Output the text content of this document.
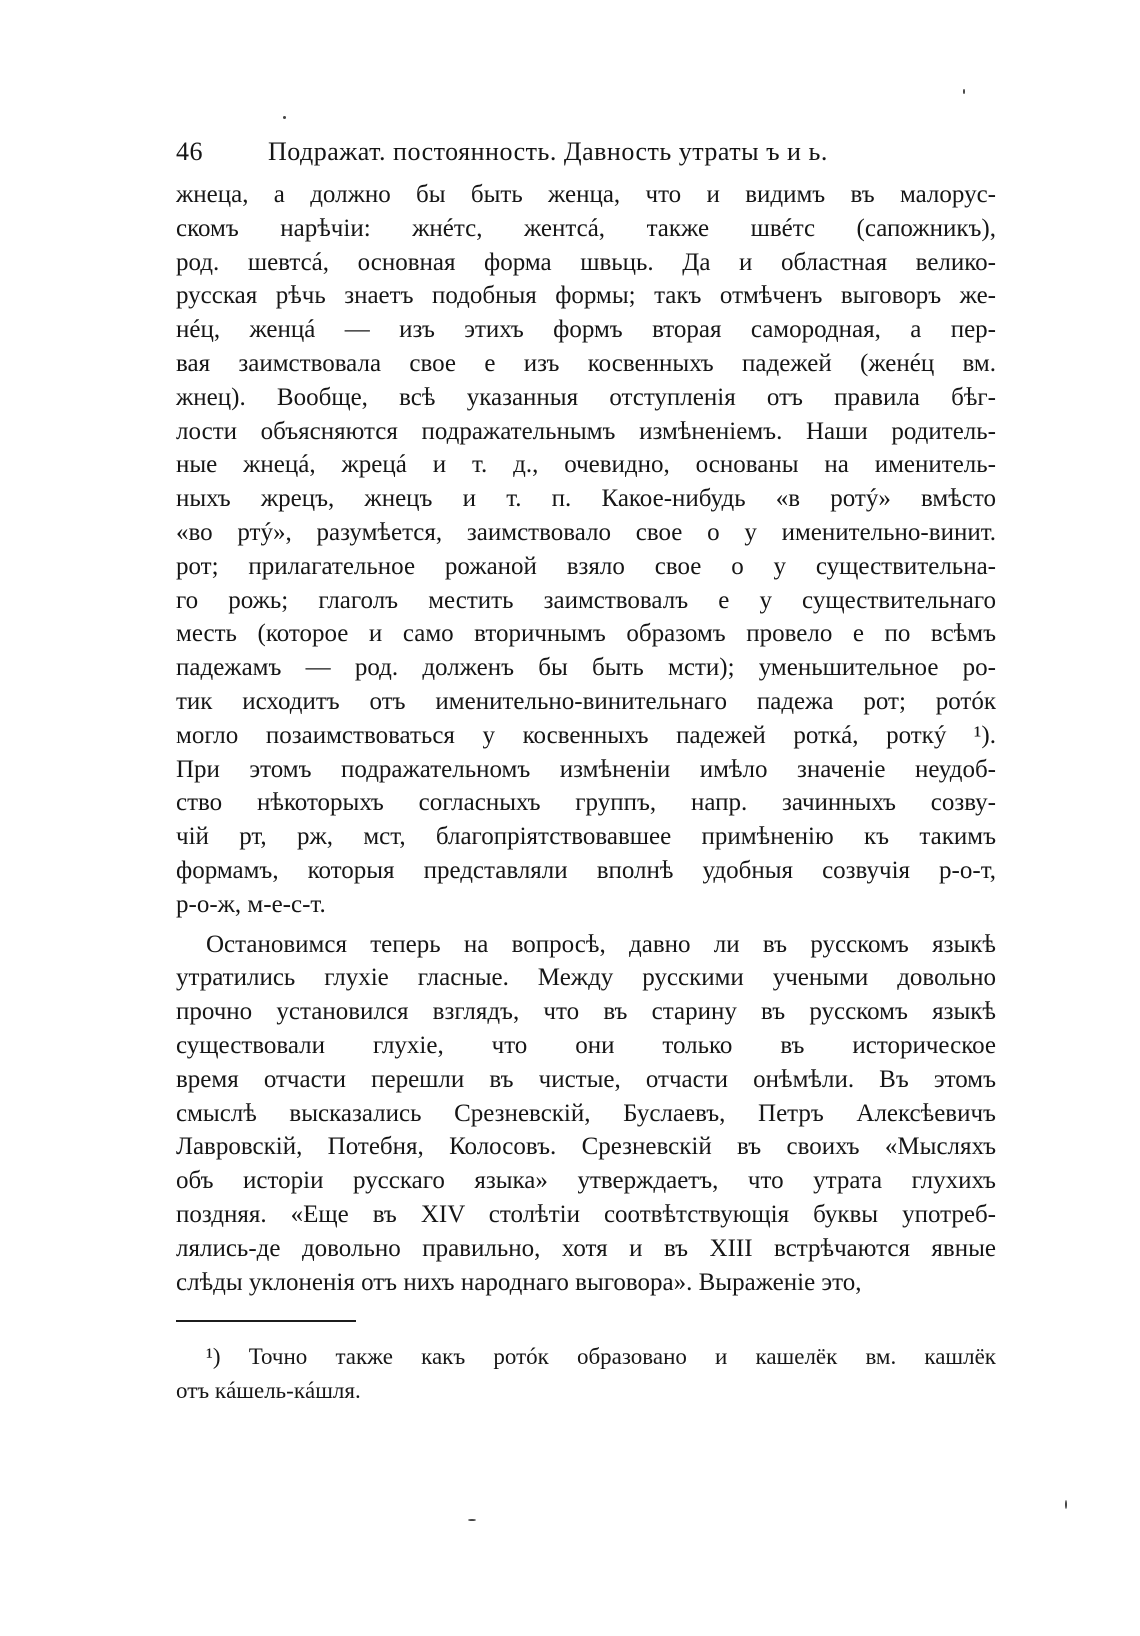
46	Подражат. постоянность. Давность утраты ъ и ь.

жнеца, а должно бы быть женца, что и видимъ въ малорус-
скомъ нарѣчіи: жнéтс, жентсá, также швéтс (сапожникъ),
род. шевтсá, основная форма швьць. Да и областная велико-
русская рѣчь знаетъ подобныя формы; такъ отмѣченъ выговоръ же-
нéц, женцá — изъ этихъ формъ вторая самородная, а пер-
вая заимствовала свое е изъ косвенныхъ падежей (женéц вм.
жнец). Вообще, всѣ указанныя отступленія отъ правила бѣг-
лости объясняются подражательнымъ измѣненіемъ. Наши родитель-
ные жнецá, жрецá и т. д., очевидно, основаны на именитель-
ныхъ жрецъ, жнецъ и т. п. Какое-нибудь «в ротý» вмѣсто
«во ртý», разумѣется, заимствовало свое о у именительно-винит.
рот; прилагательное рожаной взяло свое о у существительна-
го рожь; глаголъ местить заимствовалъ е у существительнаго
месть (которое и само вторичнымъ образомъ провело е по всѣмъ
падежамъ — род. долженъ бы быть мсти); уменьшительное ро-
тик исходитъ отъ именительно-винительнаго падежа рот; ротóк
могло позаимствоваться у косвенныхъ падежей роткá, роткý ¹).
При этомъ подражательномъ измѣненіи имѣло значеніе неудоб-
ство нѣкоторыхъ согласныхъ группъ, напр. зачинныхъ созву-
чій рт, рж, мст, благопріятствовавшее примѣненію къ такимъ
формамъ, которыя представляли вполнѣ удобныя созвучія р-о-т,
р-о-ж, м-е-с-т.

Остановимся теперь на вопросѣ, давно ли въ русскомъ языкѣ
утратились глухіе гласные. Между русскими учеными довольно
прочно установился взглядъ, что въ старину въ русскомъ языкѣ
существовали глухіе, что они только въ историческое
время отчасти перешли въ чистые, отчасти онѣмѣли. Въ этомъ
смыслѣ высказались Срезневскій, Буслаевъ, Петръ Алексѣевичъ
Лавровскій, Потебня, Колосовъ. Срезневскій въ своихъ «Мысляхъ
объ исторіи русскаго языка» утверждаетъ, что утрата глухихъ
поздняя. «Еще въ XIV столѣтіи соотвѣтствующія буквы употреб-
лялись-де довольно правильно, хотя и въ XIII встрѣчаются явные
слѣды уклоненія отъ нихъ народнаго выговора». Выраженіе это,

¹) Точно также какъ ротóк образовано и кашелёк вм. кашлёк
отъ кáшель-кáшля.
